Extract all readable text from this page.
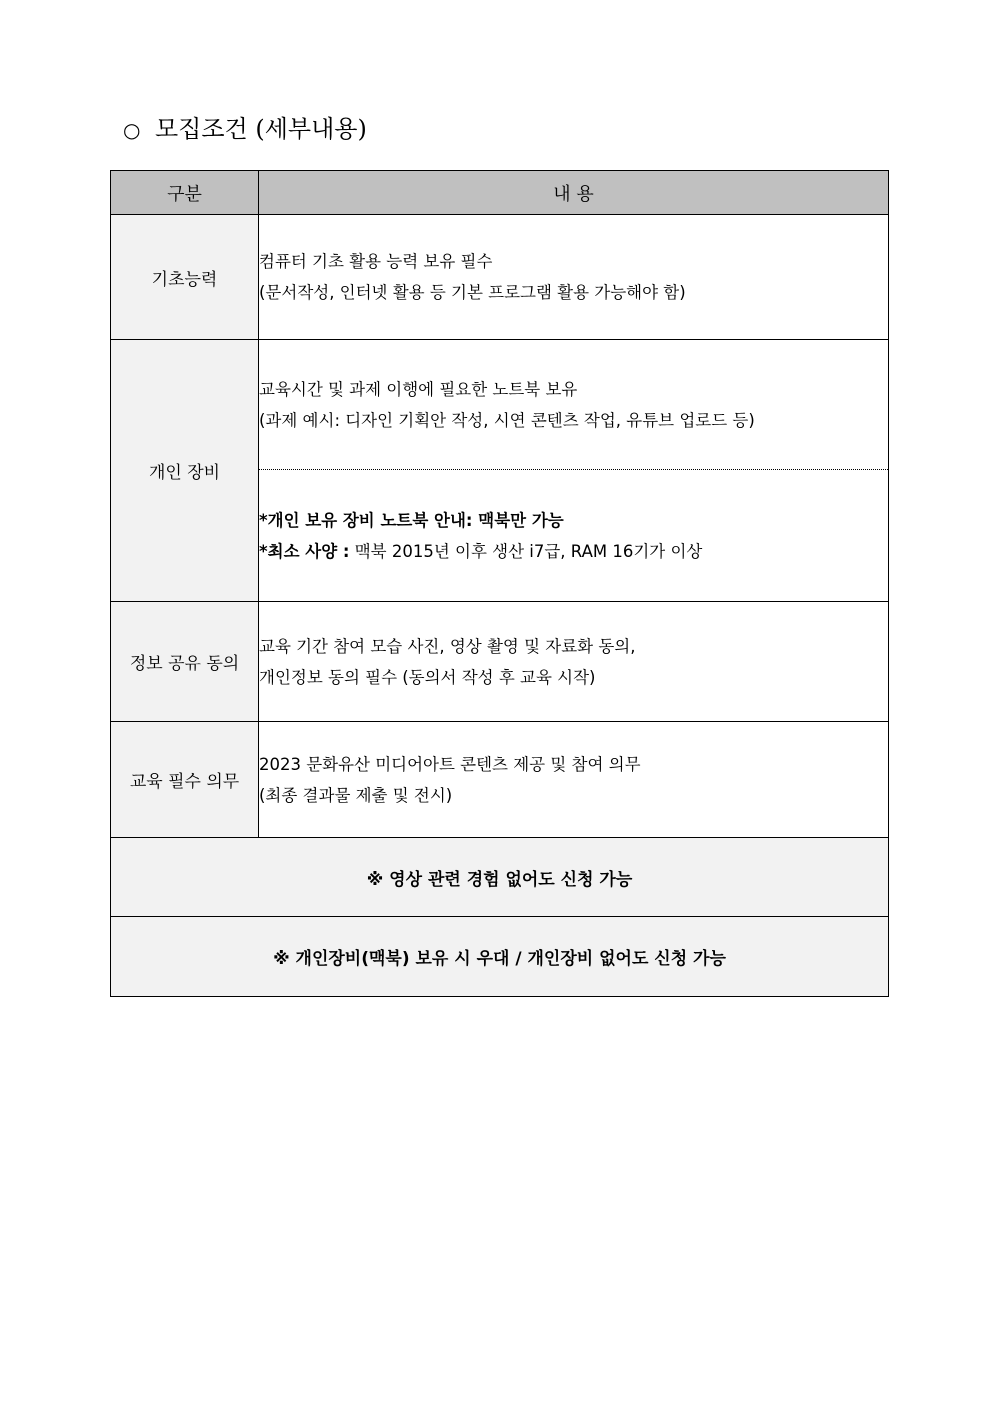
○ 모집조건 (세부내용)
구분	내 용
기초능력	컴퓨터 기초 활용 능력 보유 필수
(문서작성, 인터넷 활용 등 기본 프로그램 활용 가능해야 함)

개인 장비	교육시간 및 과제 이행에 필요한 노트북 보유
(과제 예시: 디자인 기획안 작성, 시연 콘텐츠 작업, 유튜브 업로드 등)

	*개인 보유 장비 노트북 안내: 맥북만 가능
*최소 사양 : 맥북 2015년 이후 생산 i7급, RAM 16기가 이상

정보 공유 동의	교육 기간 참여 모습 사진, 영상 촬영 및 자료화 동의,
개인정보 동의 필수 (동의서 작성 후 교육 시작)

교육 필수 의무	2023 문화유산 미디어아트 콘텐츠 제공 및 참여 의무
(최종 결과물 제출 및 전시)

※ 영상 관련 경험 없어도 신청 가능	
※ 개인장비(맥북) 보유 시 우대 / 개인장비 없어도 신청 가능	
